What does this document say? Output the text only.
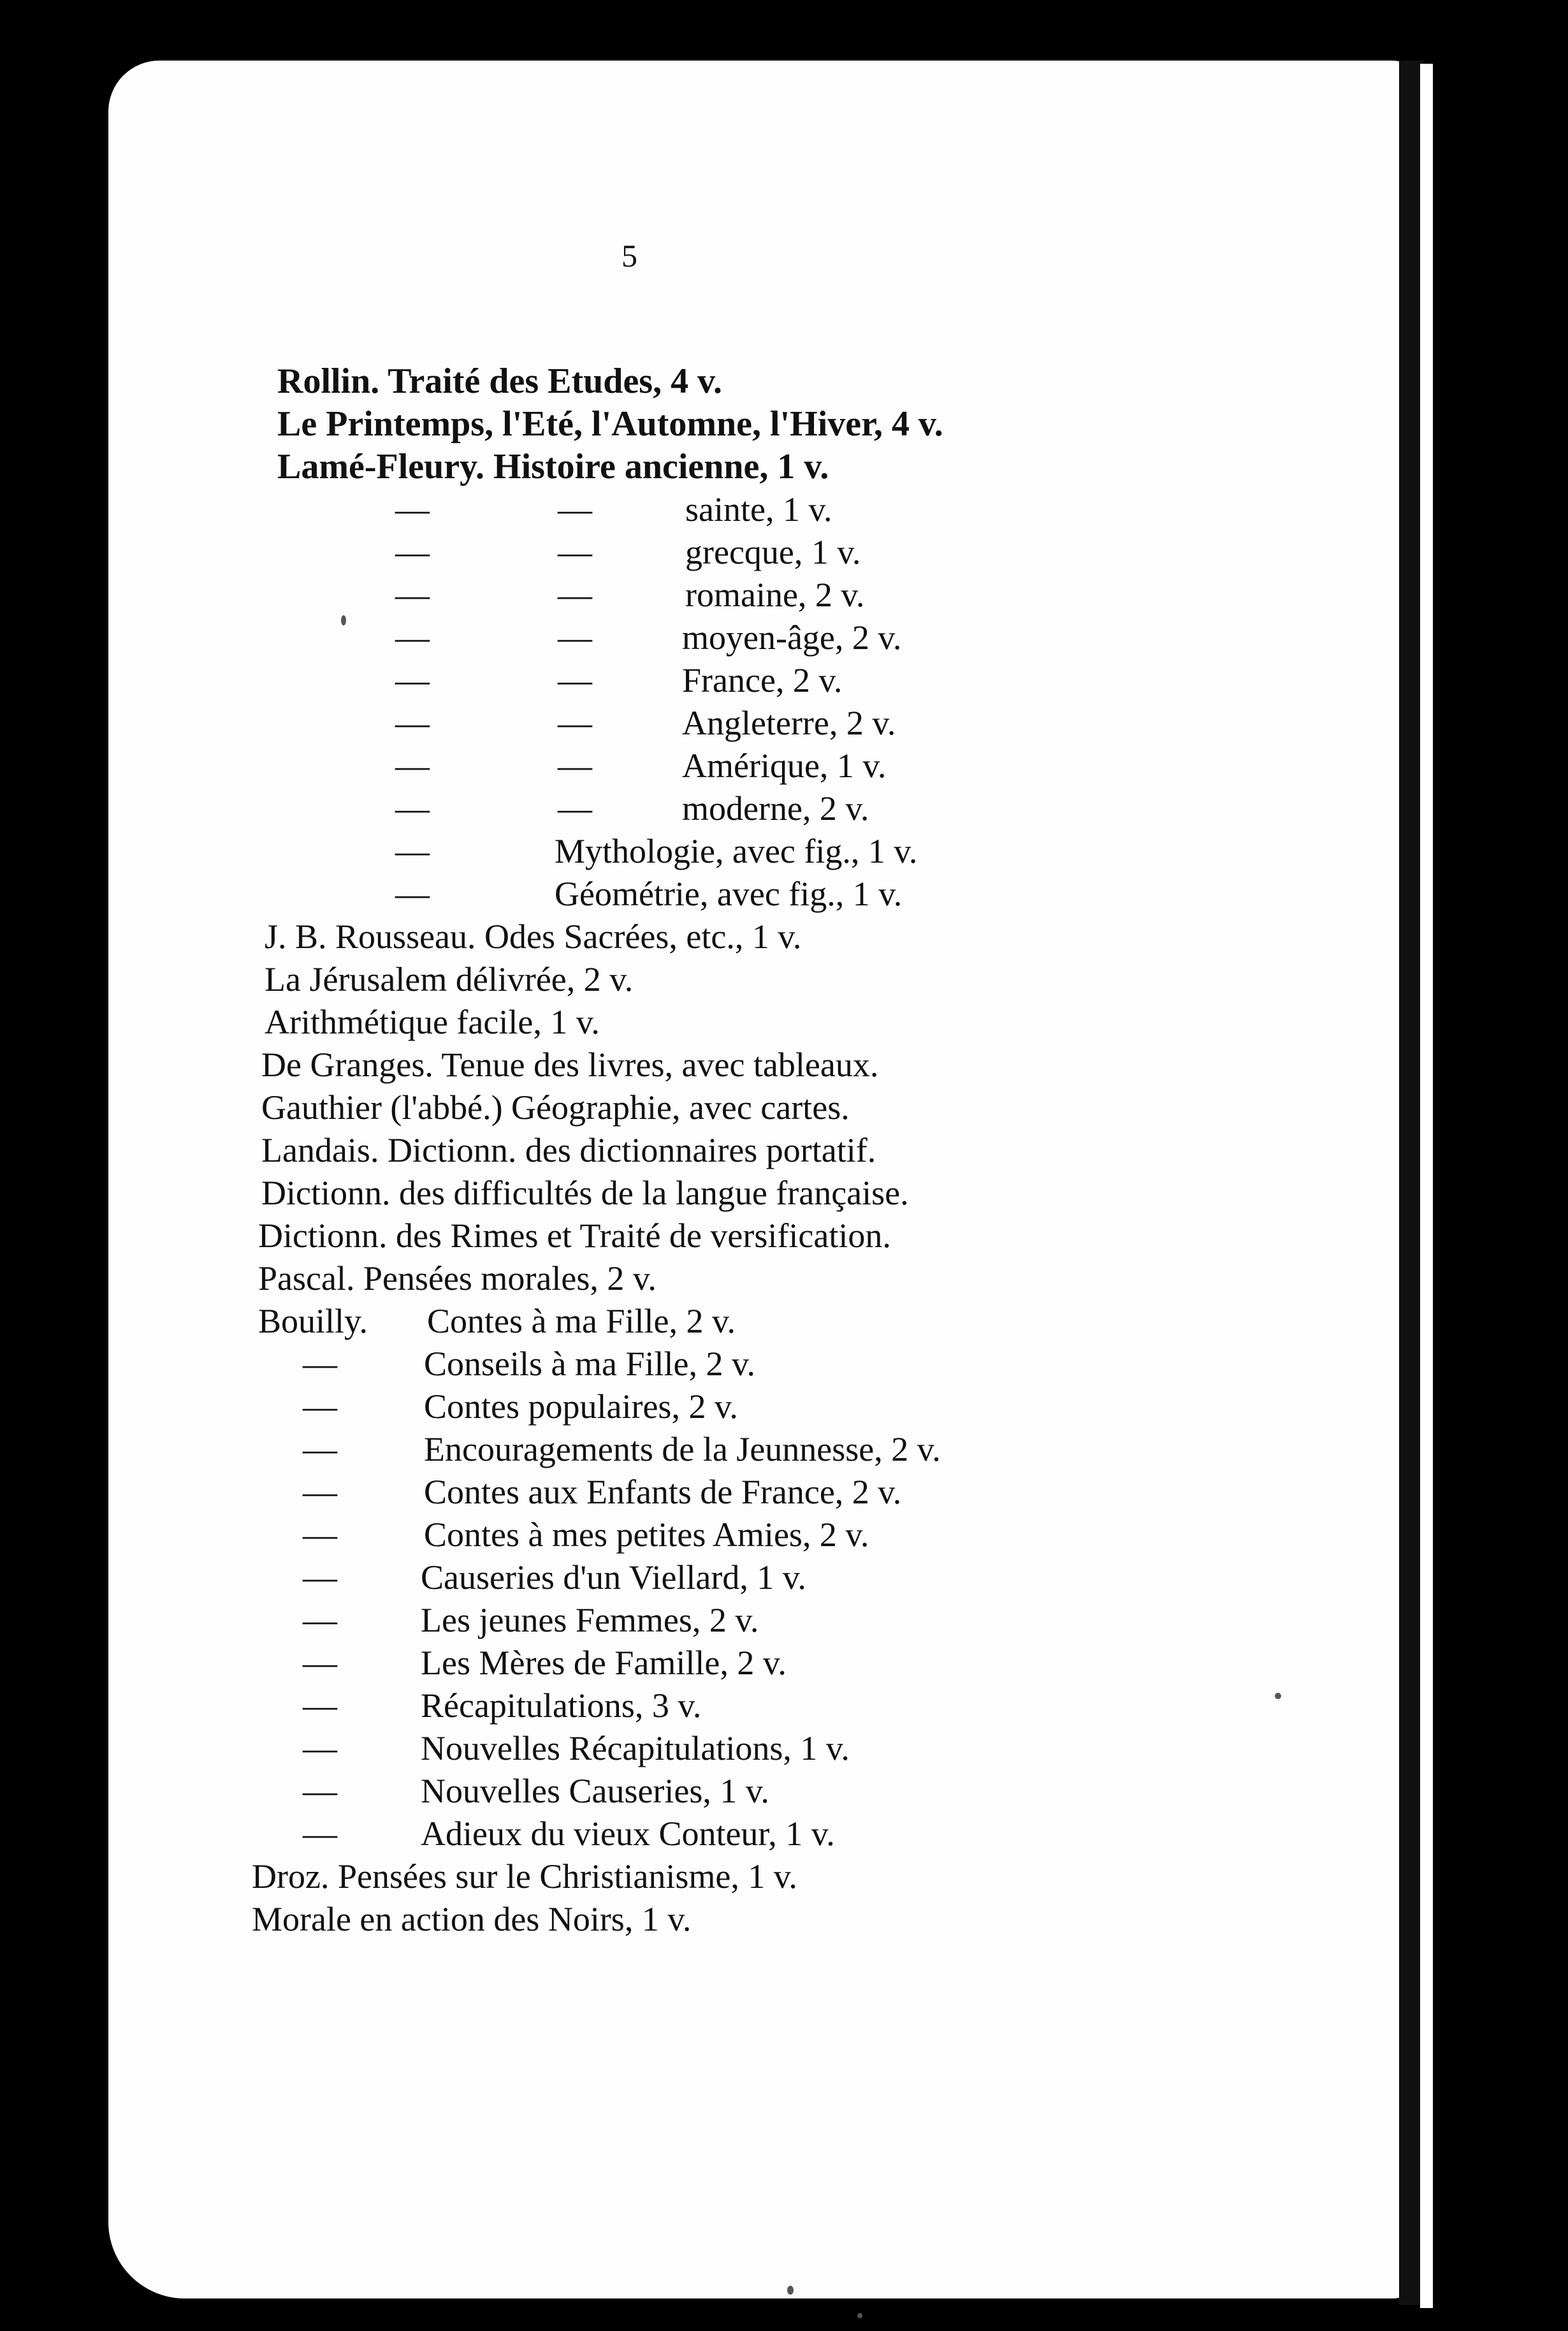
5
Rollin. Traité des Etudes, 4 v.
Le Printemps, l'Eté, l'Automne, l'Hiver, 4 v.
Lamé-Fleury. Histoire ancienne, 1 v.
—	—	sainte, 1 v.
—	—	grecque, 1 v.
—	—	romaine, 2 v.
—	—	moyen-âge, 2 v.
—	—	France, 2 v.
—	—	Angleterre, 2 v.
—	—	Amérique, 1 v.
—	—	moderne, 2 v.
—	Mythologie, avec fig., 1 v.
—	Géométrie, avec fig., 1 v.
J. B. Rousseau. Odes Sacrées, etc., 1 v.
La Jérusalem délivrée, 2 v.
Arithmétique facile, 1 v.
De Granges. Tenue des livres, avec tableaux.
Gauthier (l'abbé.) Géographie, avec cartes.
Landais. Dictionn. des dictionnaires portatif.
Dictionn. des difficultés de la langue française.
Dictionn. des Rimes et Traité de versification.
Pascal. Pensées morales, 2 v.
Bouilly. Contes à ma Fille, 2 v.
—	Conseils à ma Fille, 2 v.
—	Contes populaires, 2 v.
—	Encouragements de la Jeunnesse, 2 v.
—	Contes aux Enfants de France, 2 v.
—	Contes à mes petites Amies, 2 v.
— Causeries d'un Viellard, 1 v.
— Les jeunes Femmes, 2 v.
— Les Mères de Famille, 2 v.
— Récapitulations, 3 v.
— Nouvelles Récapitulations, 1 v.
— Nouvelles Causeries, 1 v.
— Adieux du vieux Conteur, 1 v.
Droz. Pensées sur le Christianisme, 1 v.
Morale en action des Noirs, 1 v.
